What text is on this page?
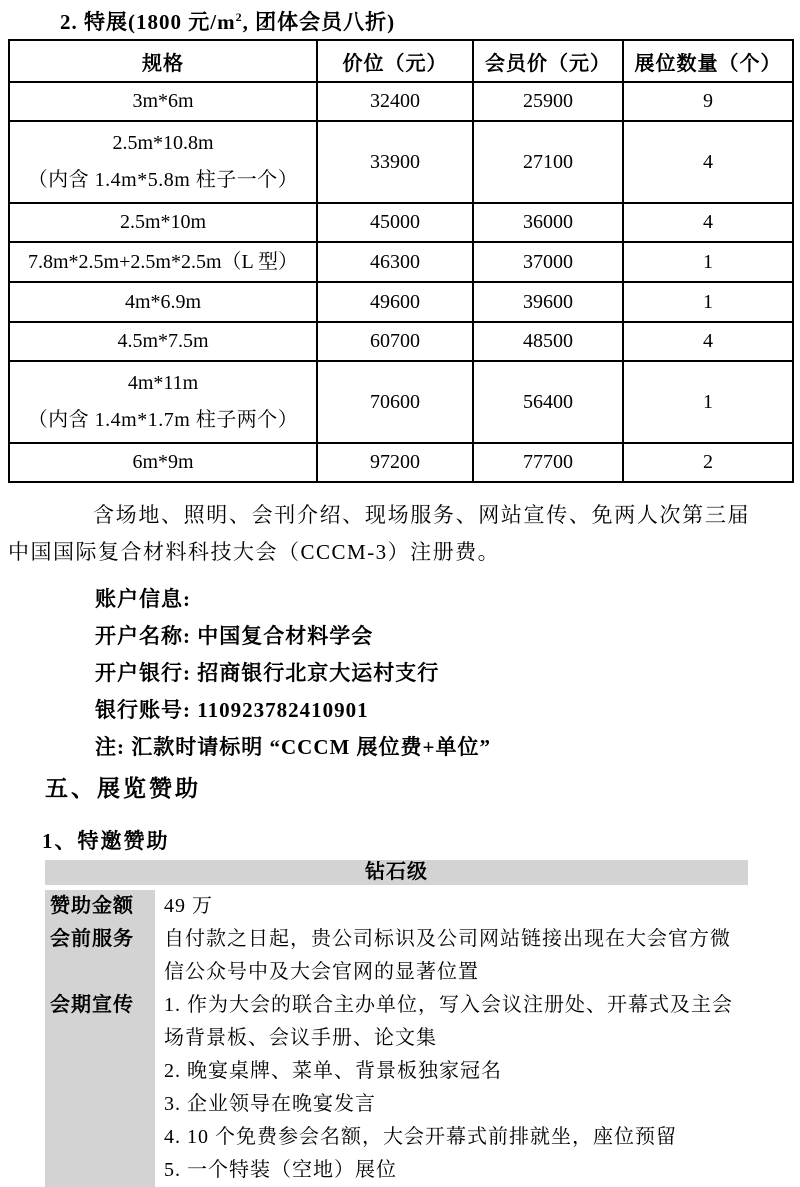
2. 特展(1800 元$/m^2$, 团体会员八折)
规格	价位（元）	会员价（元）	展位数量（个）

3m*6m	32400	25900	9

2.5m*10.8m
（内含 1.4m*5.8m 柱子一个）	33900	27100	4

2.5m*10m	45000	36000	4

7.8m*2.5m+2.5m*2.5m（L 型）	46300	37000	1

4m*6.9m	49600	39600	1

4.5m*7.5m	60700	48500	4

4m*11m
（内含 1.4m*1.7m 柱子两个）	70600	56400	1

6m*9m	97200	77700	2

含场地、照明、会刊介绍、现场服务、网站宣传、免两人次第三届中国国际复合材料科技大会（CCCM-3）注册费。

账户信息:
开户名称: 中国复合材料学会
开户银行: 招商银行北京大运村支行
银行账号: 110923782410901
注: 汇款时请标明 “CCCM 展位费+单位”
五、展览赞助
1、特邀赞助
钻石级
赞助金额	49 万
会前服务	自付款之日起，贵公司标识及公司网站链接出现在大会官方微信公众号中及大会官网的显著位置
会期宣传	1. 作为大会的联合主办单位，写入会议注册处、开幕式及主会场背景板、会议手册、论文集
2. 晚宴桌牌、菜单、背景板独家冠名
3. 企业领导在晚宴发言
4. 10 个免费参会名额，大会开幕式前排就坐，座位预留
5. 一个特装（空地）展位
